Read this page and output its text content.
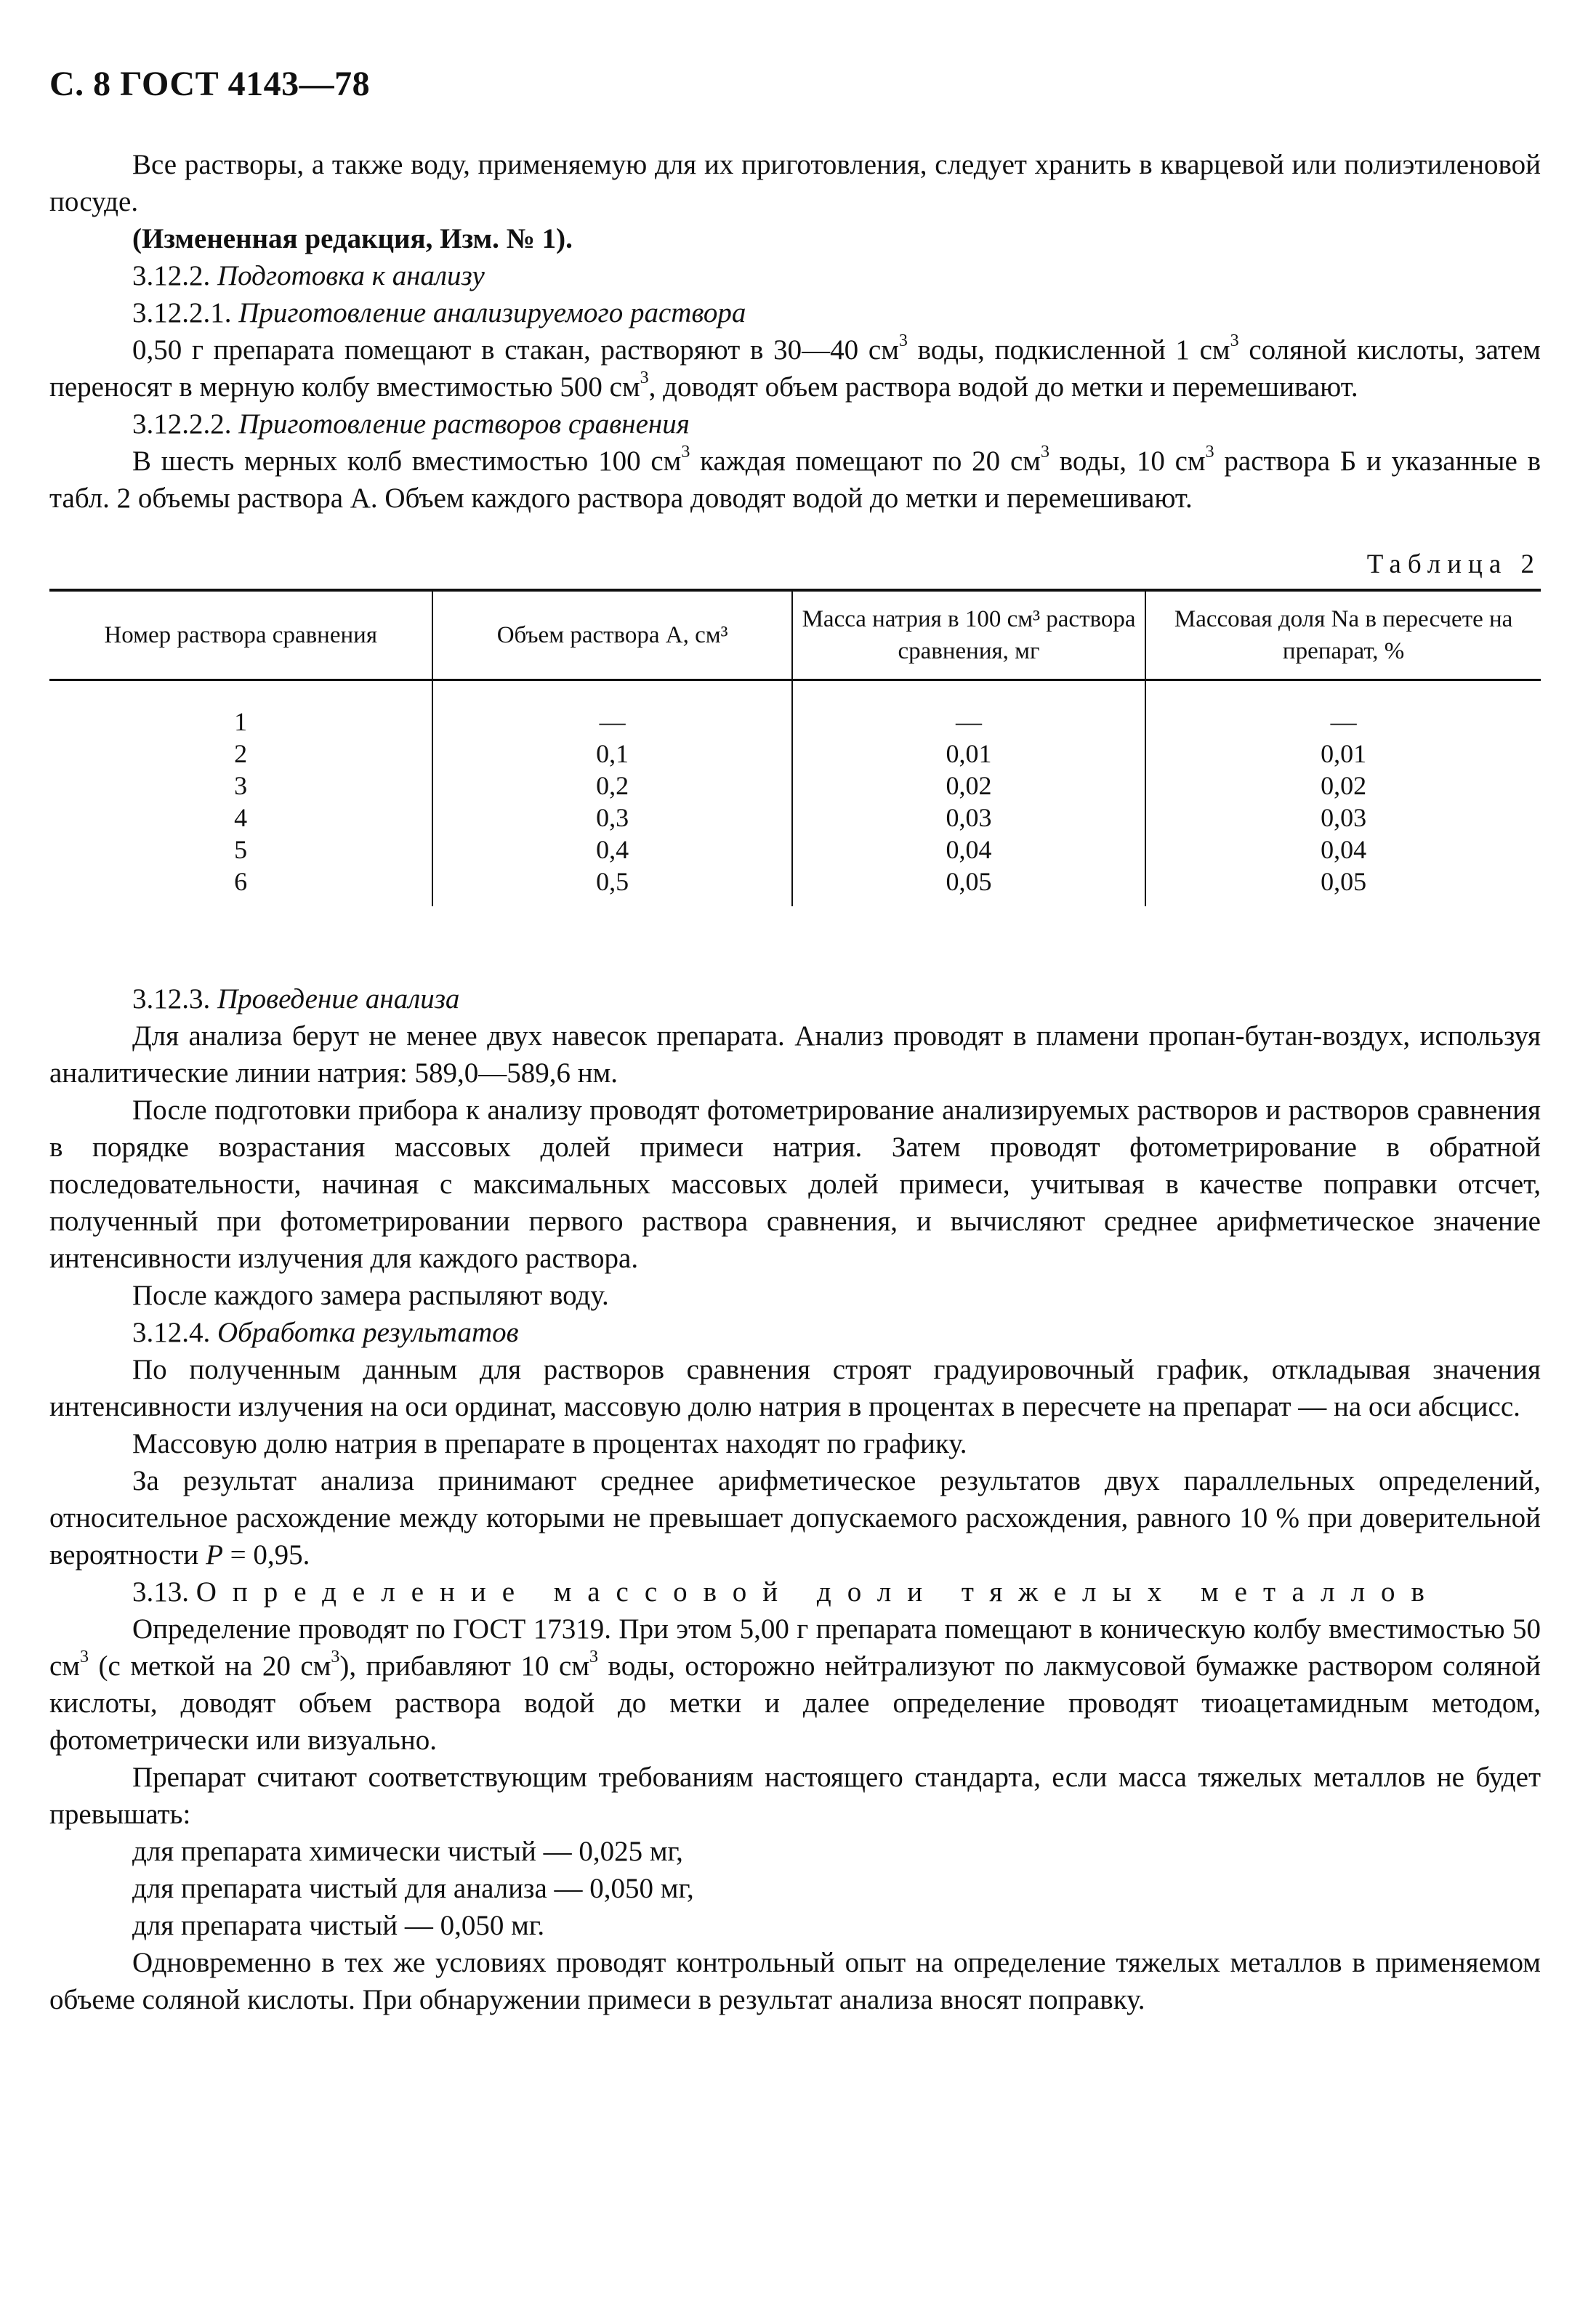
С. 8 ГОСТ 4143—78

Все растворы, а также воду, применяемую для их приготовления, следует хранить в кварцевой или полиэтиленовой посуде.

(Измененная редакция, Изм. № 1).

3.12.2. Подготовка к анализу

3.12.2.1. Приготовление анализируемого раствора

0,50 г препарата помещают в стакан, растворяют в 30—40 $см^3$ воды, подкисленной 1 $см^3$ соляной кислоты, затем переносят в мерную колбу вместимостью 500 $см^3$, доводят объем раствора водой до метки и перемешивают.

3.12.2.2. Приготовление растворов сравнения

В шесть мерных колб вместимостью 100 $см^3$ каждая помещают по 20 $см^3$ воды, 10 $см^3$ раствора Б и указанные в табл. 2 объемы раствора А. Объем каждого раствора доводят водой до метки и перемешивают.

Таблица 2
Номер раствора сравнения	Объем раствора А, см³	Масса натрия в 100 см³ раствора сравнения, мг	Массовая доля Na в пересчете на препарат, %
1	—	—	—
2	0,1	0,01	0,01
3	0,2	0,02	0,02
4	0,3	0,03	0,03
5	0,4	0,04	0,04
6	0,5	0,05	0,05

3.12.3. Проведение анализа

Для анализа берут не менее двух навесок препарата. Анализ проводят в пламени пропан-бутан-воздух, используя аналитические линии натрия: 589,0—589,6 нм.

После подготовки прибора к анализу проводят фотометрирование анализируемых растворов и растворов сравнения в порядке возрастания массовых долей примеси натрия. Затем проводят фотометрирование в обратной последовательности, начиная с максимальных массовых долей примеси, учитывая в качестве поправки отсчет, полученный при фотометрировании первого раствора сравнения, и вычисляют среднее арифметическое значение интенсивности излучения для каждого раствора.

После каждого замера распыляют воду.

3.12.4. Обработка результатов

По полученным данным для растворов сравнения строят градуировочный график, откладывая значения интенсивности излучения на оси ординат, массовую долю натрия в процентах в пересчете на препарат — на оси абсцисс.

Массовую долю натрия в препарате в процентах находят по графику.

За результат анализа принимают среднее арифметическое результатов двух параллельных определений, относительное расхождение между которыми не превышает допускаемого расхождения, равного 10 % при доверительной вероятности Р = 0,95.

3.13. Определение массовой доли тяжелых металлов

Определение проводят по ГОСТ 17319. При этом 5,00 г препарата помещают в коническую колбу вместимостью 50 $см^3$ (с меткой на 20 $см^3$), прибавляют 10 $см^3$ воды, осторожно нейтрализуют по лакмусовой бумажке раствором соляной кислоты, доводят объем раствора водой до метки и далее определение проводят тиоацетамидным методом, фотометрически или визуально.

Препарат считают соответствующим требованиям настоящего стандарта, если масса тяжелых металлов не будет превышать:

для препарата химически чистый — 0,025 мг,

для препарата чистый для анализа — 0,050 мг,

для препарата чистый — 0,050 мг.

Одновременно в тех же условиях проводят контрольный опыт на определение тяжелых металлов в применяемом объеме соляной кислоты. При обнаружении примеси в результат анализа вносят поправку.
